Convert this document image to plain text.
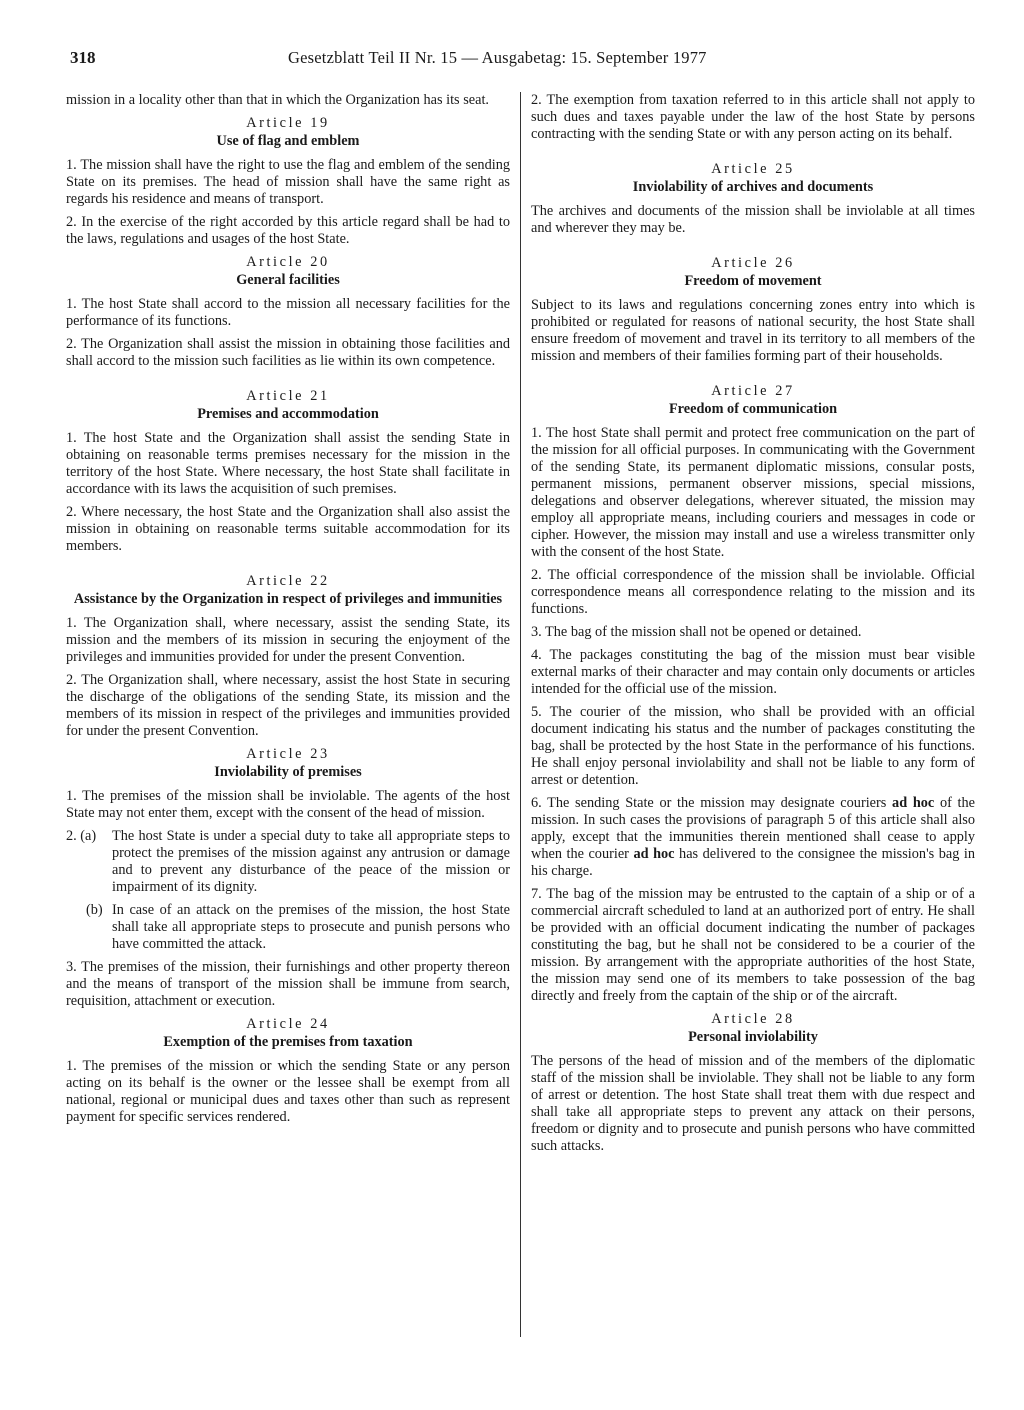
318	Gesetzblatt Teil II Nr. 15 — Ausgabetag: 15. September 1977

mission in a locality other than that in which the Organization has its seat.

Article 19
Use of flag and emblem

1. The mission shall have the right to use the flag and emblem of the sending State on its premises. The head of mission shall have the same right as regards his residence and means of transport.

2. In the exercise of the right accorded by this article regard shall be had to the laws, regulations and usages of the host State.

Article 20
General facilities

1. The host State shall accord to the mission all necessary facilities for the performance of its functions.

2. The Organization shall assist the mission in obtaining those facilities and shall accord to the mission such facilities as lie within its own competence.

Article 21
Premises and accommodation

1. The host State and the Organization shall assist the sending State in obtaining on reasonable terms premises necessary for the mission in the territory of the host State. Where necessary, the host State shall facilitate in accordance with its laws the acquisition of such premises.

2. Where necessary, the host State and the Organization shall also assist the mission in obtaining on reasonable terms suitable accommodation for its members.

Article 22
Assistance by the Organization in respect of privileges and immunities

1. The Organization shall, where necessary, assist the sending State, its mission and the members of its mission in securing the enjoyment of the privileges and immunities provided for under the present Convention.

2. The Organization shall, where necessary, assist the host State in securing the discharge of the obligations of the sending State, its mission and the members of its mission in respect of the privileges and immunities provided for under the present Convention.

Article 23
Inviolability of premises

1. The premises of the mission shall be inviolable. The agents of the host State may not enter them, except with the consent of the head of mission.

2. (a)	The host State is under a special duty to take all appropriate steps to protect the premises of the mission against any antrusion or damage and to prevent any disturbance of the peace of the mission or impairment of its dignity.
(b) In case of an attack on the premises of the mission, the host State shall take all appropriate steps to prosecute and punish persons who have committed the attack.

3. The premises of the mission, their furnishings and other property thereon and the means of transport of the mission shall be immune from search, requisition, attachment or execution.

Article 24
Exemption of the premises from taxation

1. The premises of the mission or which the sending State or any person acting on its behalf is the owner or the lessee shall be exempt from all national, regional or municipal dues and taxes other than such as represent payment for specific services rendered.

2. The exemption from taxation referred to in this article shall not apply to such dues and taxes payable under the law of the host State by persons contracting with the sending State or with any person acting on its behalf.

Article 25
Inviolability of archives and documents

The archives and documents of the mission shall be inviolable at all times and wherever they may be.

Article 26
Freedom of movement

Subject to its laws and regulations concerning zones entry into which is prohibited or regulated for reasons of national security, the host State shall ensure freedom of movement and travel in its territory to all members of the mission and members of their families forming part of their households.

Article 27
Freedom of communication

1. The host State shall permit and protect free communication on the part of the mission for all official purposes. In communicating with the Government of the sending State, its permanent diplomatic missions, consular posts, permanent missions, permanent observer missions, special missions, delegations and observer delegations, wherever situated, the mission may employ all appropriate means, including couriers and messages in code or cipher. However, the mission may install and use a wireless transmitter only with the consent of the host State.

2. The official correspondence of the mission shall be inviolable. Official correspondence means all correspondence relating to the mission and its functions.

3. The bag of the mission shall not be opened or detained.

4. The packages constituting the bag of the mission must bear visible external marks of their character and may contain only documents or articles intended for the official use of the mission.

5. The courier of the mission, who shall be provided with an official document indicating his status and the number of packages constituting the bag, shall be protected by the host State in the performance of his functions. He shall enjoy personal inviolability and shall not be liable to any form of arrest or detention.

6. The sending State or the mission may designate couriers ad hoc of the mission. In such cases the provisions of paragraph 5 of this article shall also apply, except that the immunities therein mentioned shall cease to apply when the courier ad hoc has delivered to the consignee the mission's bag in his charge.

7. The bag of the mission may be entrusted to the captain of a ship or of a commercial aircraft scheduled to land at an authorized port of entry. He shall be provided with an official document indicating the number of packages constituting the bag, but he shall not be considered to be a courier of the mission. By arrangement with the appropriate authorities of the host State, the mission may send one of its members to take possession of the bag directly and freely from the captain of the ship or of the aircraft.

Article 28
Personal inviolability

The persons of the head of mission and of the members of the diplomatic staff of the mission shall be inviolable. They shall not be liable to any form of arrest or detention. The host State shall treat them with due respect and shall take all appropriate steps to prevent any attack on their persons, freedom or dignity and to prosecute and punish persons who have committed such attacks.
